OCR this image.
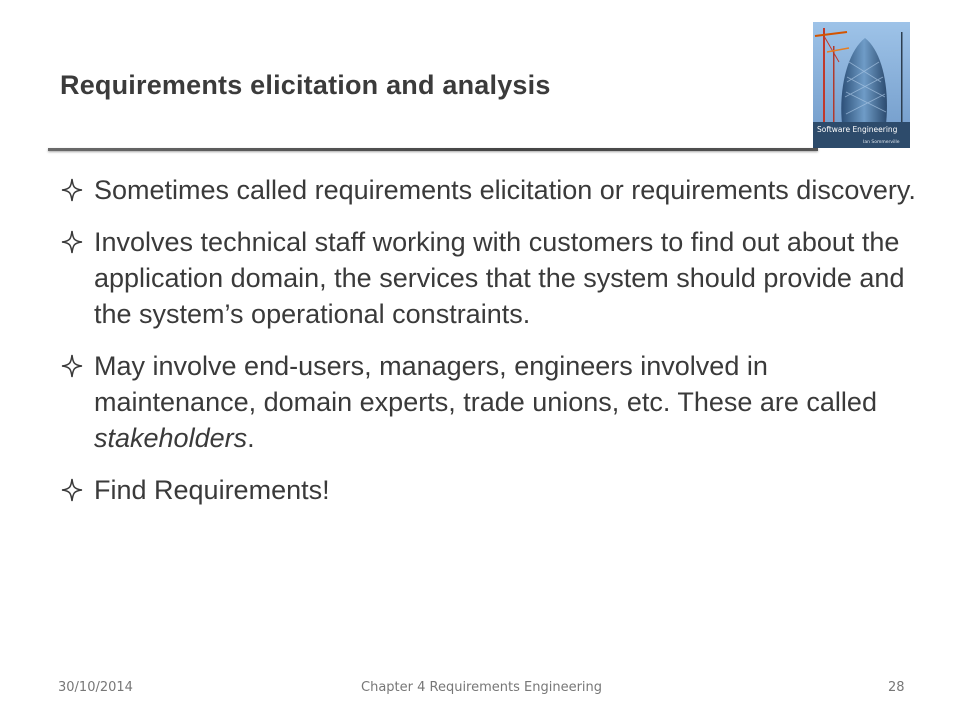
Requirements elicitation and analysis
Software Engineering
Ian Sommerville
Sometimes called requirements elicitation or requirements discovery.
Involves technical staff working with customers to find out about the application domain, the services that the system should provide and the system’s operational constraints.
May involve end-users, managers, engineers involved in maintenance, domain experts, trade unions, etc. These are called stakeholders.
Find Requirements!
30/10/2014	Chapter 4 Requirements Engineering	28
